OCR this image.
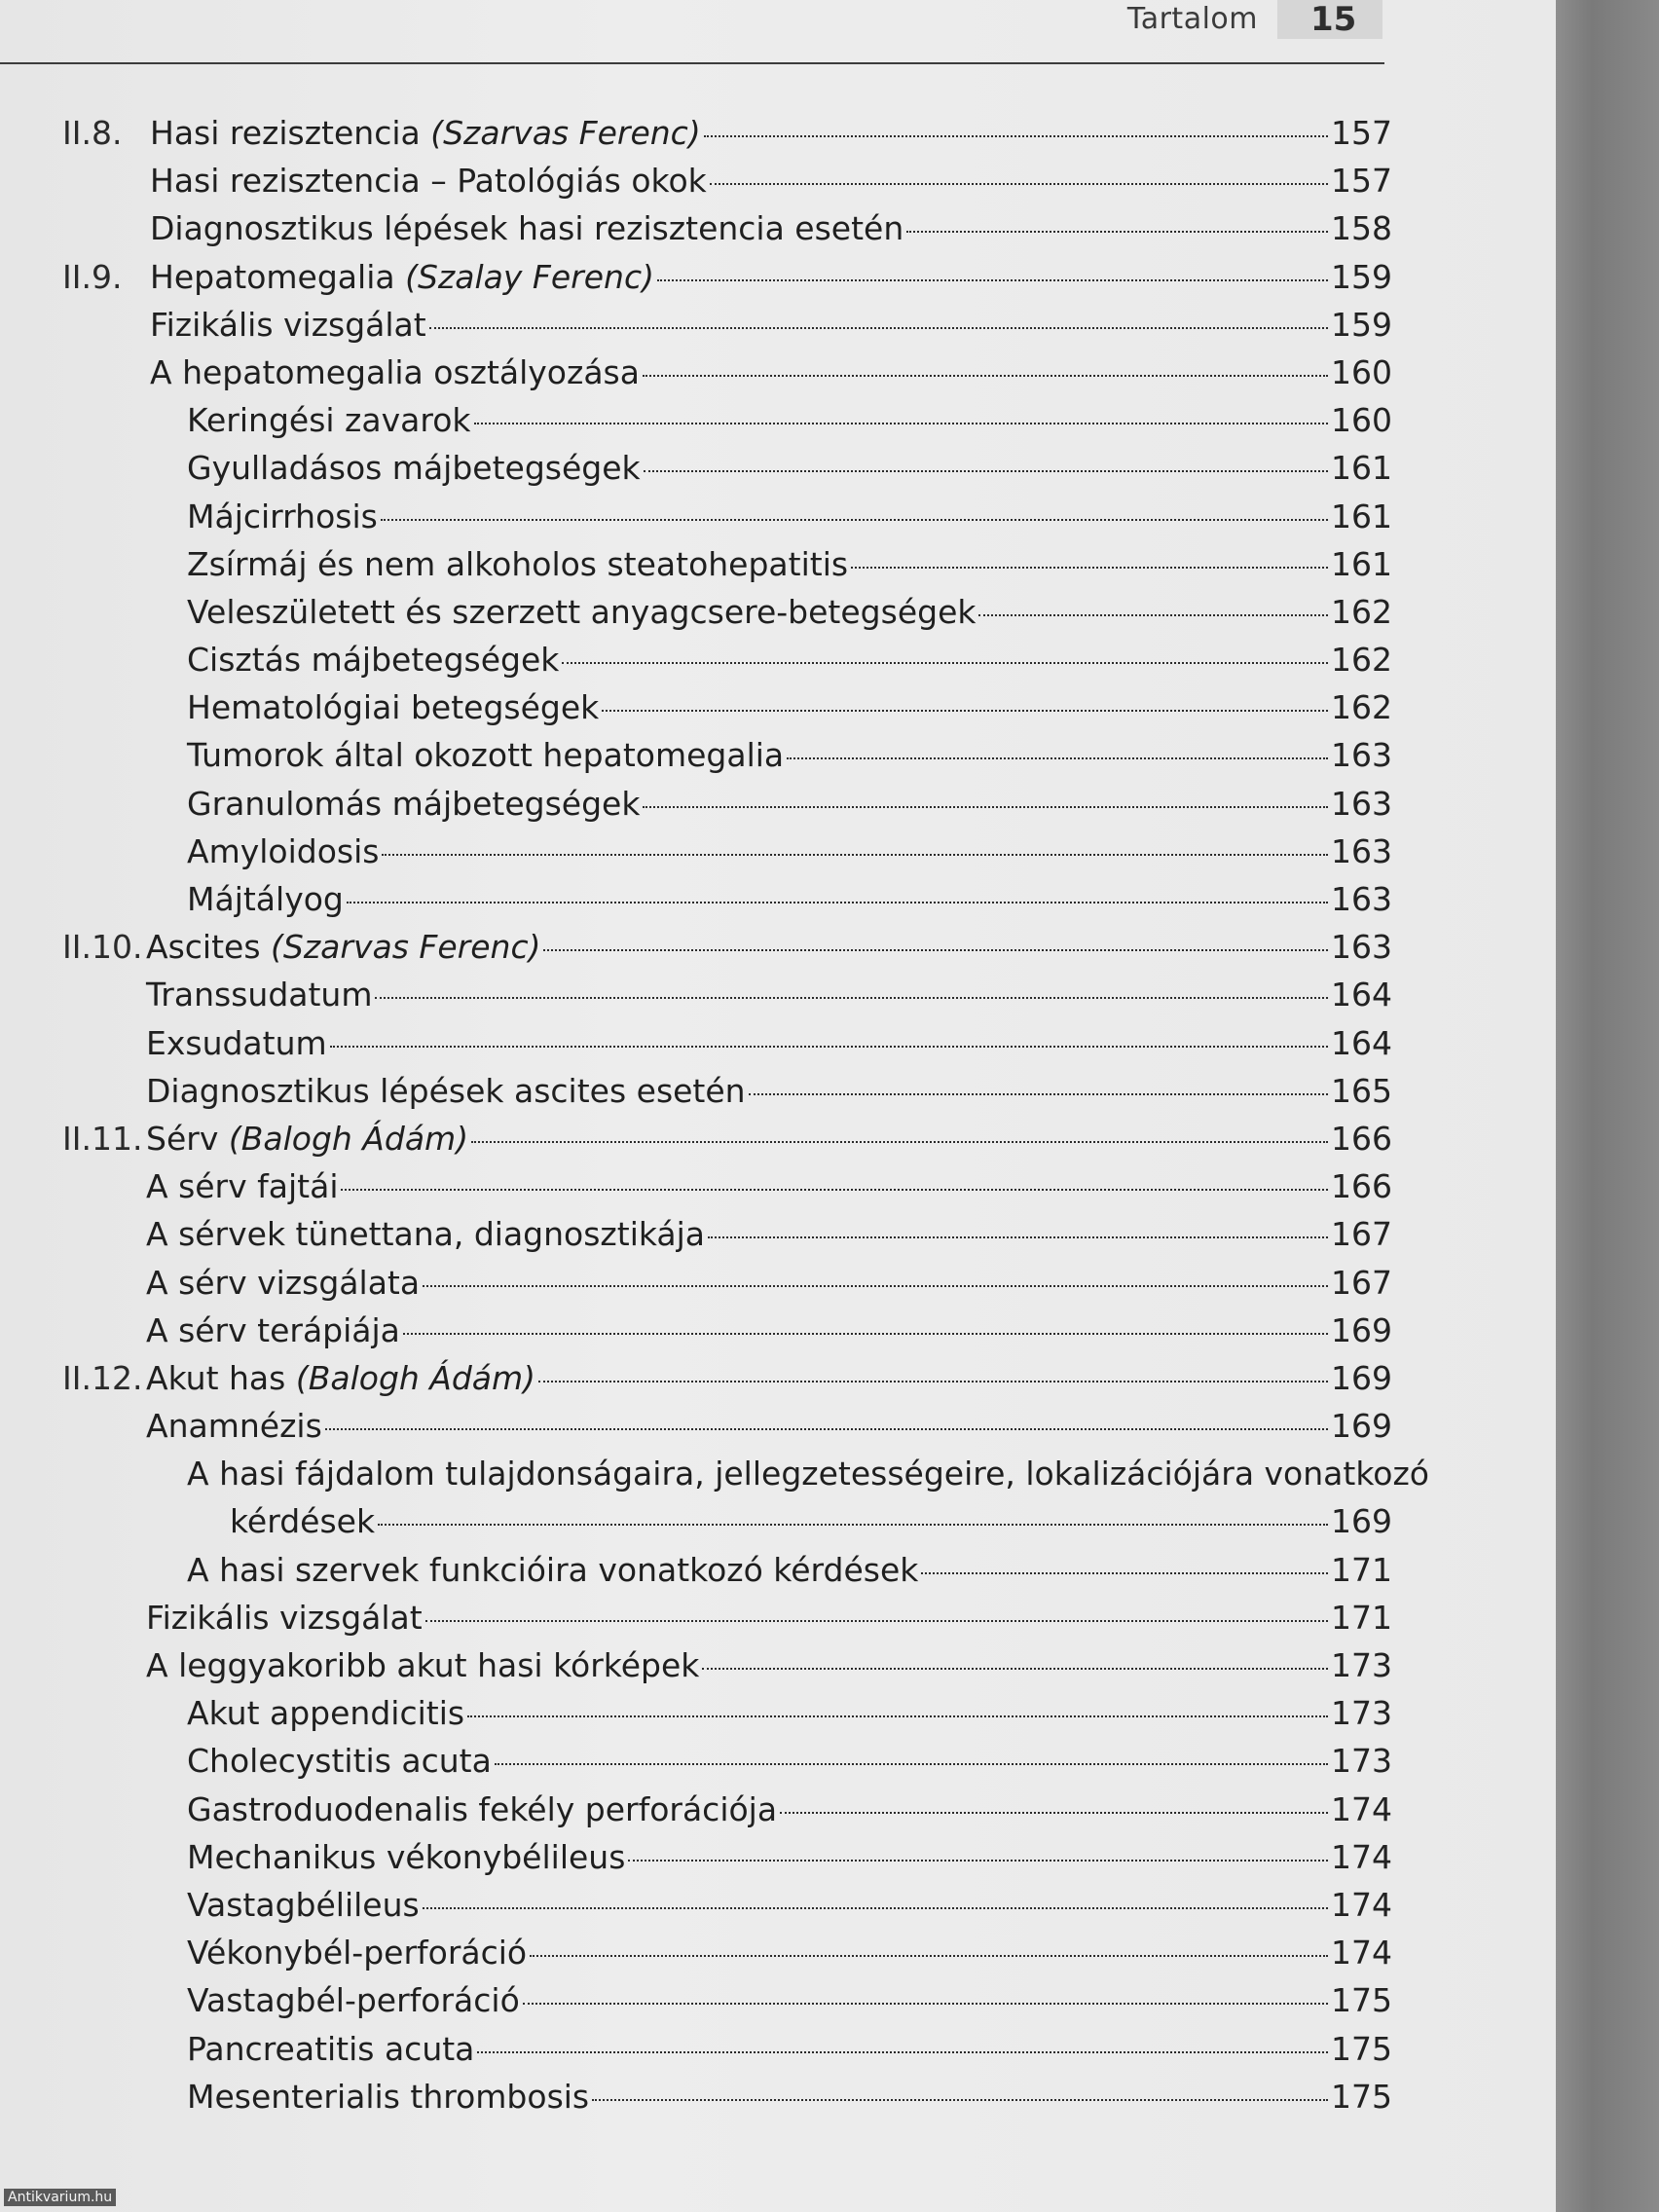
Tartalom 15
II.8. Hasi rezisztencia (Szarvas Ferenc)	157
Hasi rezisztencia – Patológiás okok	157
Diagnosztikus lépések hasi rezisztencia esetén	158
II.9. Hepatomegalia (Szalay Ferenc)	159
Fizikális vizsgálat	159
A hepatomegalia osztályozása	160
Keringési zavarok	160
Gyulladásos májbetegségek	161
Májcirrhosis	161
Zsírmáj és nem alkoholos steatohepatitis	161
Veleszületett és szerzett anyagcsere-betegségek	162
Cisztás májbetegségek	162
Hematológiai betegségek	162
Tumorok által okozott hepatomegalia	163
Granulomás májbetegségek	163
Amyloidosis	163
Májtályog	163
II.10. Ascites (Szarvas Ferenc)	163
Transsudatum	164
Exsudatum	164
Diagnosztikus lépések ascites esetén	165
II.11. Sérv (Balogh Ádám)	166
A sérv fajtái	166
A sérvek tünettana, diagnosztikája	167
A sérv vizsgálata	167
A sérv terápiája	169
II.12. Akut has (Balogh Ádám)	169
Anamnézis	169
A hasi fájdalom tulajdonságaira, jellegzetességeire, lokalizációjára vonatkozó
kérdések	169
A hasi szervek funkcióira vonatkozó kérdések	171
Fizikális vizsgálat	171
A leggyakoribb akut hasi kórképek	173
Akut appendicitis	173
Cholecystitis acuta	173
Gastroduodenalis fekély perforációja	174
Mechanikus vékonybélileus	174
Vastagbélileus	174
Vékonybél-perforáció	174
Vastagbél-perforáció	175
Pancreatitis acuta	175
Mesenterialis thrombosis	175
Antikvarium.hu
